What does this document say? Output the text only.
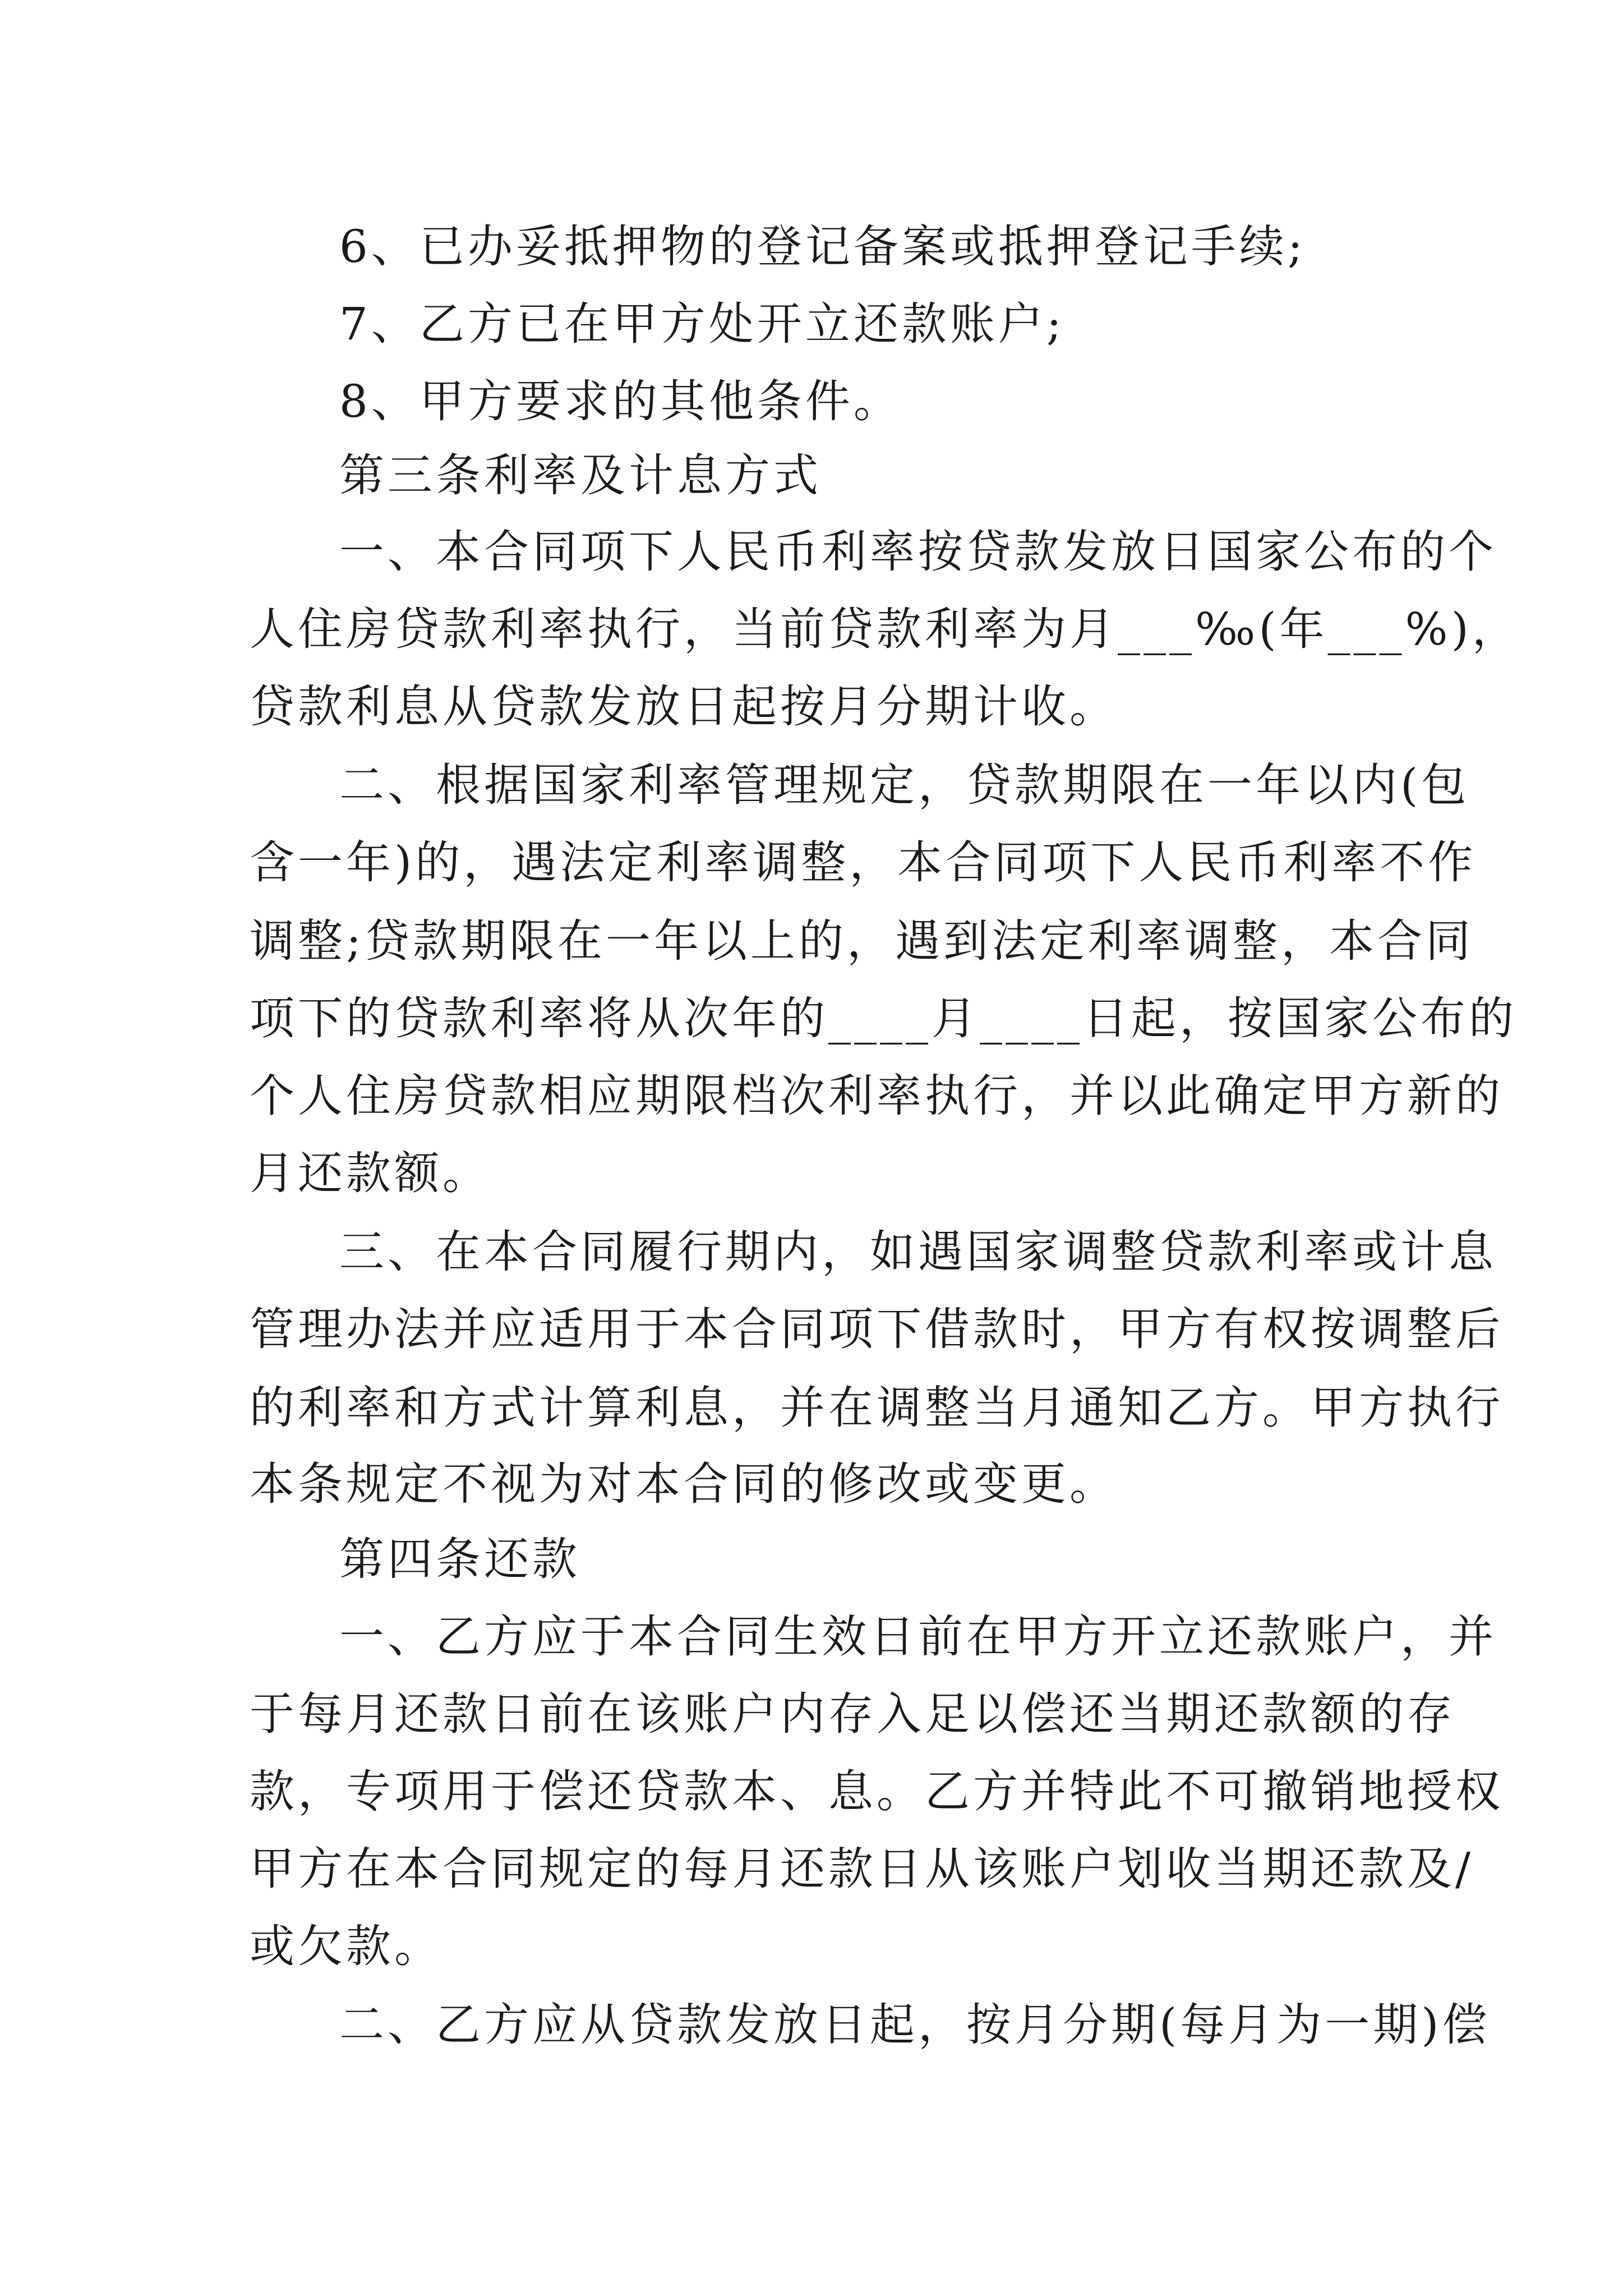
6、已办妥抵押物的登记备案或抵押登记手续;
7、乙方已在甲方处开立还款账户;
8、甲方要求的其他条件。
第三条利率及计息方式
一、本合同项下人民币利率按贷款发放日国家公布的个
人住房贷款利率执行，当前贷款利率为月___‰(年___%)，
贷款利息从贷款发放日起按月分期计收。
二、根据国家利率管理规定，贷款期限在一年以内(包
含一年)的，遇法定利率调整，本合同项下人民币利率不作
调整;贷款期限在一年以上的，遇到法定利率调整，本合同
项下的贷款利率将从次年的____月____日起，按国家公布的
个人住房贷款相应期限档次利率执行，并以此确定甲方新的
月还款额。
三、在本合同履行期内，如遇国家调整贷款利率或计息
管理办法并应适用于本合同项下借款时，甲方有权按调整后
的利率和方式计算利息，并在调整当月通知乙方。甲方执行
本条规定不视为对本合同的修改或变更。
第四条还款
一、乙方应于本合同生效日前在甲方开立还款账户，并
于每月还款日前在该账户内存入足以偿还当期还款额的存
款，专项用于偿还贷款本、息。乙方并特此不可撤销地授权
甲方在本合同规定的每月还款日从该账户划收当期还款及/
或欠款。
二、乙方应从贷款发放日起，按月分期(每月为一期)偿
